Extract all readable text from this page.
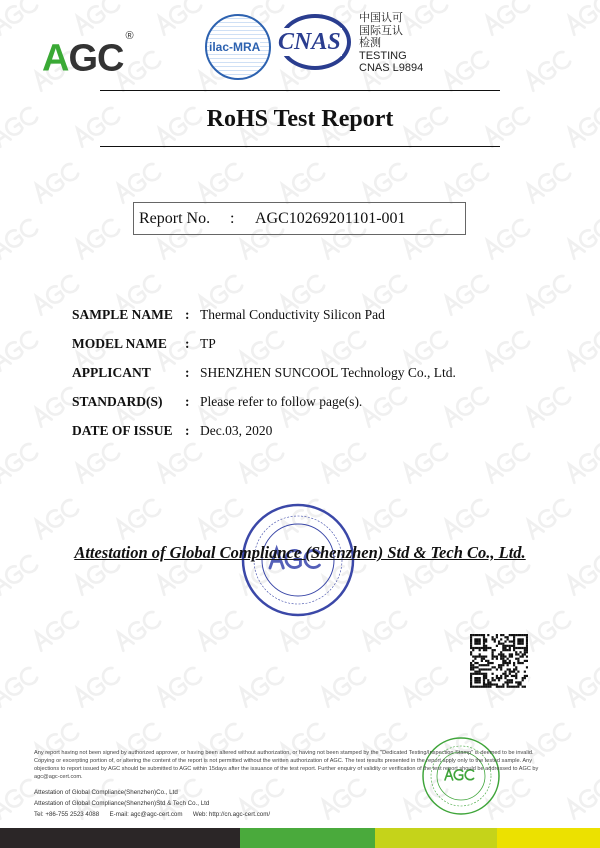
AGC®
ilac-MRA CNAS
中国认可
国际互认
检测
TESTING
CNAS L9894
RoHS Test Report
Report No. : AGC10269201101-001
SAMPLE NAME : Thermal Conductivity Silicon Pad
MODEL NAME : TP
APPLICANT	: SHENZHEN SUNCOOL Technology Co., Ltd.
STANDARD(S) : Please refer to follow page(s).
DATE OF ISSUE : Dec.03, 2020
Attestation of Global Compliance (Shenzhen) Std & Tech Co., Ltd.
Any report having not been signed by authorized approver, or having been altered without authorization, or having not been stamped by the "Dedicated Testing/Inspection Stamp" is deemed to be invalid. Copying or excerpting portion of, or altering the content of the report is not permitted without the written authorization of AGC. The test results presented in the report apply only to the tested sample. Any objections to report issued by AGC should be submitted to AGC within 15days after the issuance of the test report. Further enquiry of validity or verification of the test report should be addressed to AGC by agc@agc-cert.com.
Attestation of Global Compliance(Shenzhen)Co., Ltd
Attestation of Global Compliance(Shenzhen)Std & Tech Co., Ltd
Tel: +86-755 2523 4088 E-mail: agc@agc-cert.com Web: http://cn.agc-cert.com/
